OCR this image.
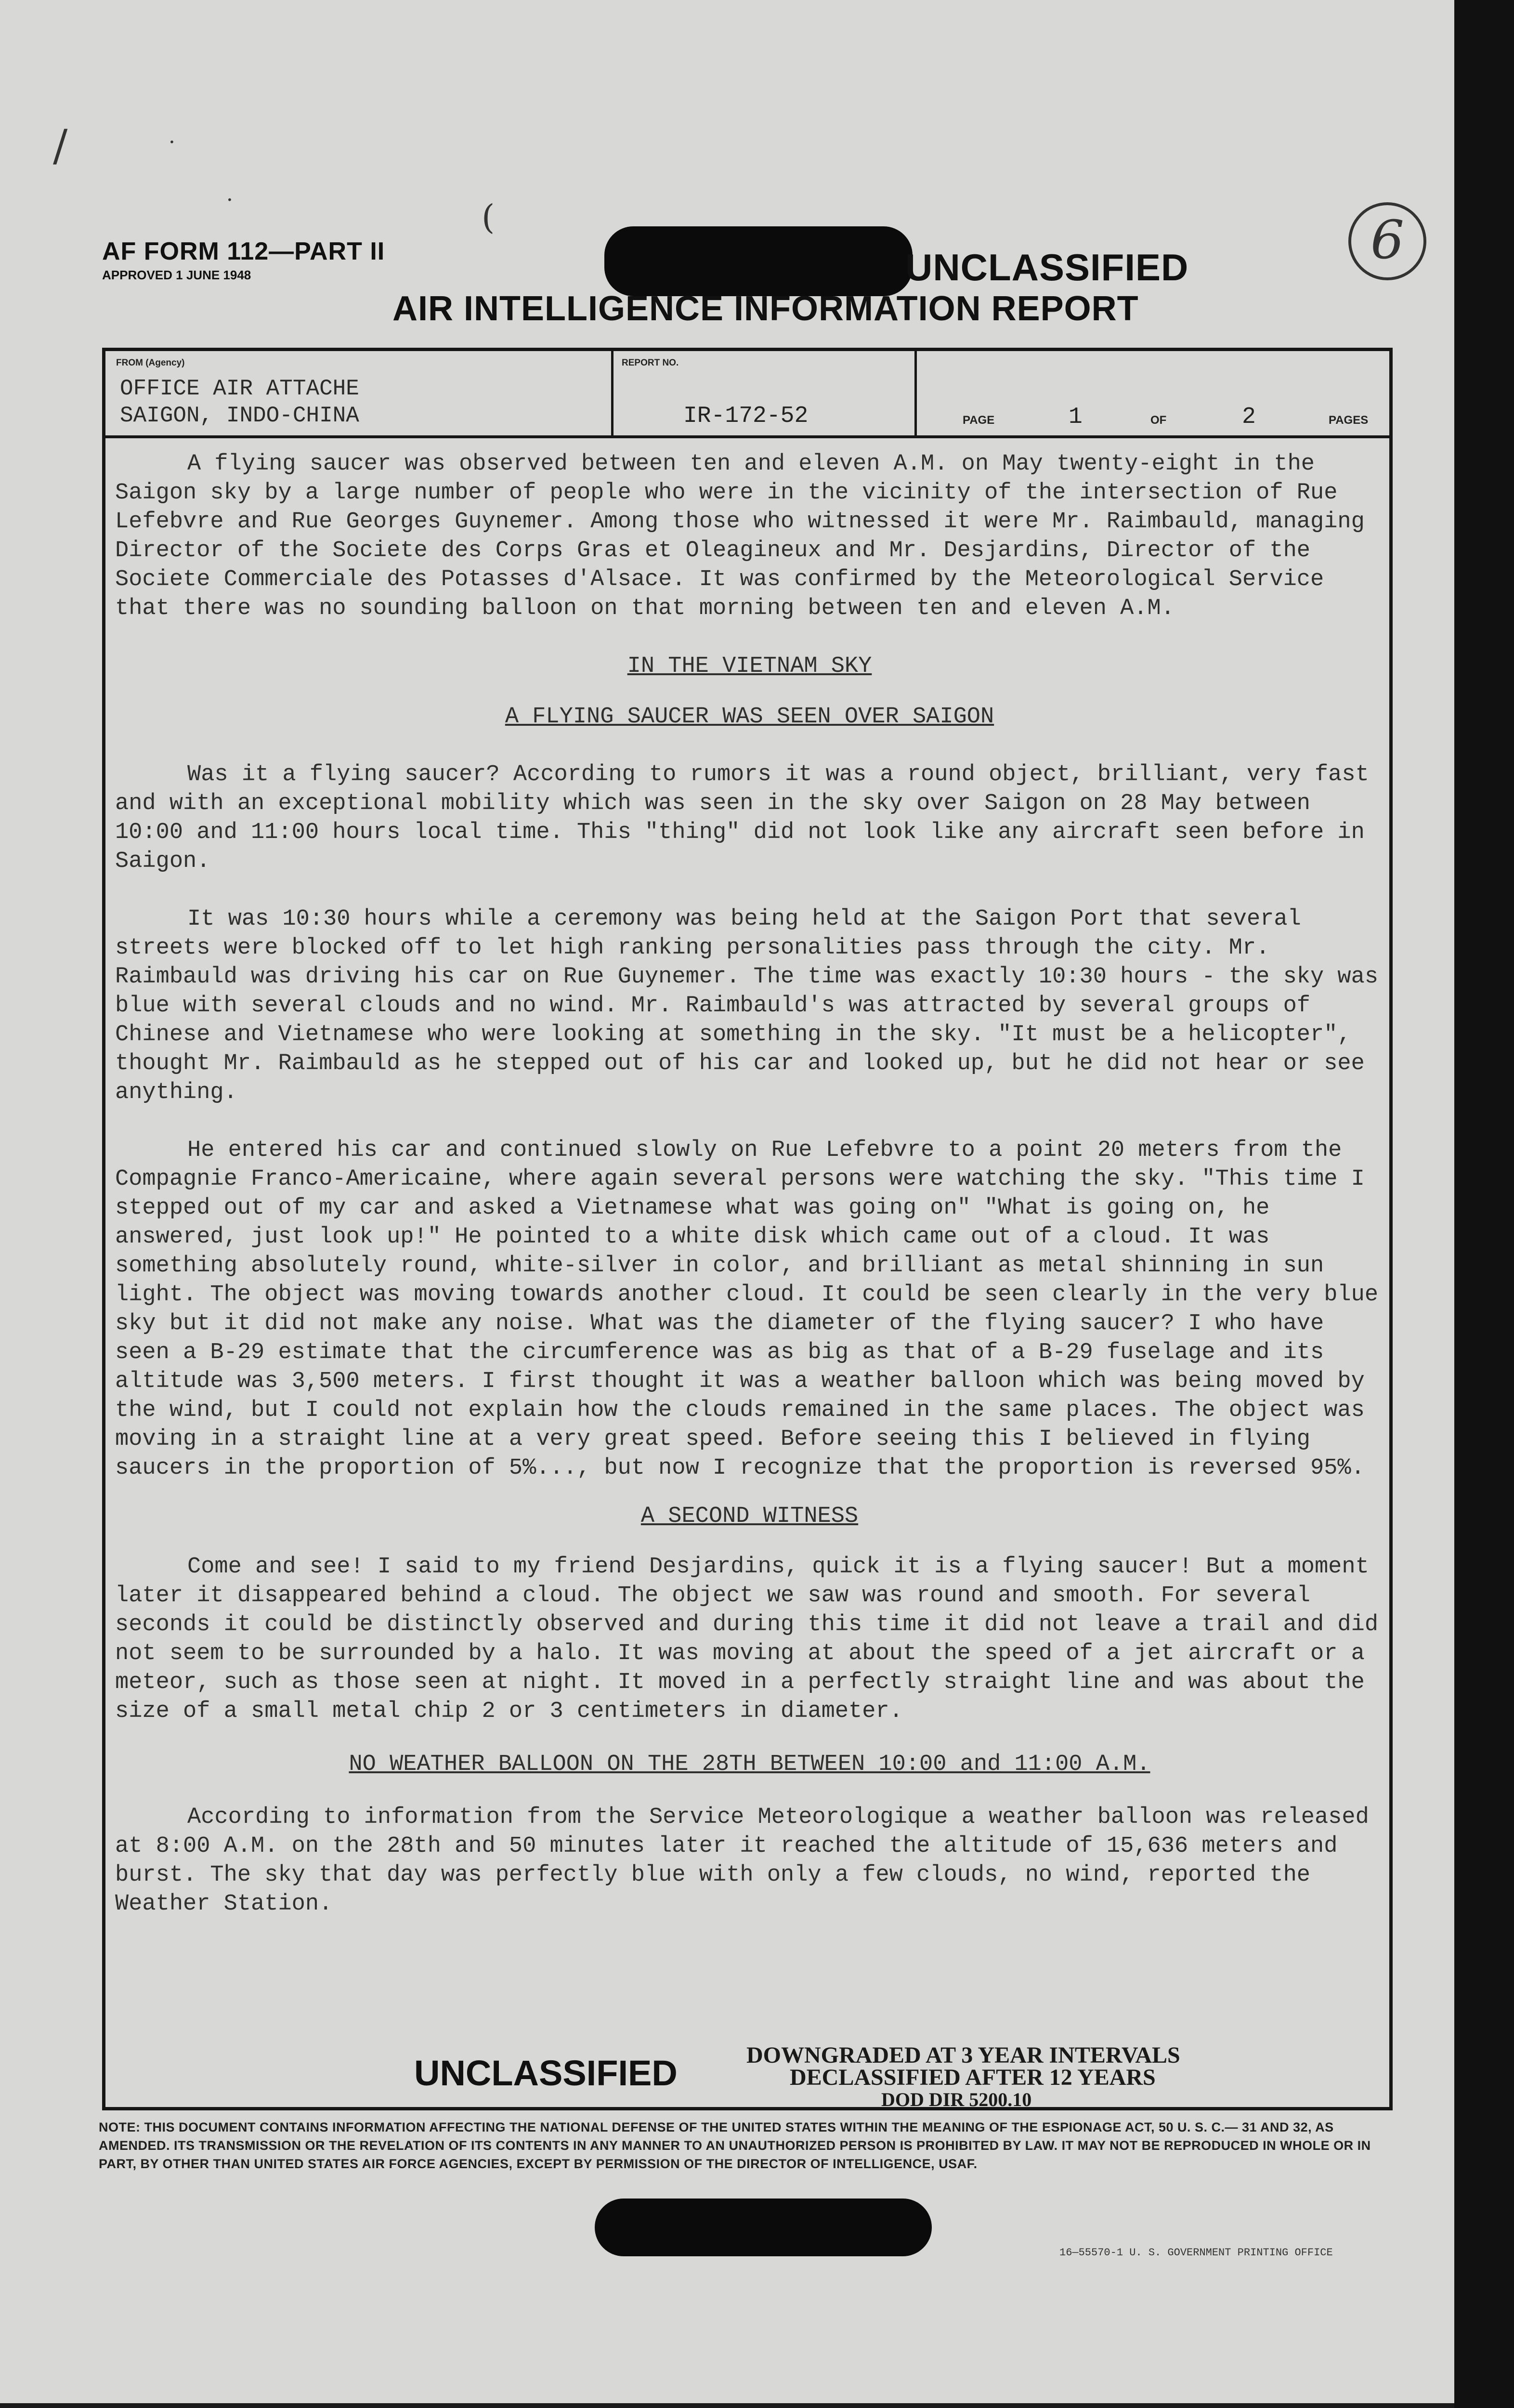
/	·
·	(
AF FORM 112—PART II
APPROVED 1 JUNE 1948	UNCLASSIFIED	6
AIR INTELLIGENCE INFORMATION REPORT
FROM (Agency)
OFFICE AIR ATTACHE
SAIGON, INDO-CHINA
REPORT NO.
IR-172-52	PAGE	1	OF	2	PAGES

A flying saucer was observed between ten and eleven A.M. on May twenty-eight in the Saigon sky by a large number of people who were in the vicinity of the intersection of Rue Lefebvre and Rue Georges Guynemer. Among those who witnessed it were Mr. Raimbauld, managing Director of the Societe des Corps Gras et Oleagineux and Mr. Desjardins, Director of the Societe Commerciale des Potasses d'Alsace. It was confirmed by the Meteorological Service that there was no sounding balloon on that morning between ten and eleven A.M.

IN THE VIETNAM SKY
A FLYING SAUCER WAS SEEN OVER SAIGON

Was it a flying saucer? According to rumors it was a round object, brilliant, very fast and with an exceptional mobility which was seen in the sky over Saigon on 28 May between 10:00 and 11:00 hours local time. This "thing" did not look like any aircraft seen before in Saigon.

It was 10:30 hours while a ceremony was being held at the Saigon Port that several streets were blocked off to let high ranking personalities pass through the city. Mr. Raimbauld was driving his car on Rue Guynemer. The time was exactly 10:30 hours - the sky was blue with several clouds and no wind. Mr. Raimbauld's was attracted by several groups of Chinese and Vietnamese who were looking at something in the sky. "It must be a helicopter", thought Mr. Raimbauld as he stepped out of his car and looked up, but he did not hear or see anything.

He entered his car and continued slowly on Rue Lefebvre to a point 20 meters from the Compagnie Franco-Americaine, where again several persons were watching the sky. "This time I stepped out of my car and asked a Vietnamese what was going on" "What is going on, he answered, just look up!" He pointed to a white disk which came out of a cloud. It was something absolutely round, white-silver in color, and brilliant as metal shinning in sun light. The object was moving towards another cloud. It could be seen clearly in the very blue sky but it did not make any noise. What was the diameter of the flying saucer? I who have seen a B-29 estimate that the circumference was as big as that of a B-29 fuselage and its altitude was 3,500 meters. I first thought it was a weather balloon which was being moved by the wind, but I could not explain how the clouds remained in the same places. The object was moving in a straight line at a very great speed. Before seeing this I believed in flying saucers in the proportion of 5%..., but now I recognize that the proportion is reversed 95%.

A SECOND WITNESS

Come and see! I said to my friend Desjardins, quick it is a flying saucer! But a moment later it disappeared behind a cloud. The object we saw was round and smooth. For several seconds it could be distinctly observed and during this time it did not leave a trail and did not seem to be surrounded by a halo. It was moving at about the speed of a jet aircraft or a meteor, such as those seen at night. It moved in a perfectly straight line and was about the size of a small metal chip 2 or 3 centimeters in diameter.

NO WEATHER BALLOON ON THE 28TH BETWEEN 10:00 and 11:00 A.M.

According to information from the Service Meteorologique a weather balloon was released at 8:00 A.M. on the 28th and 50 minutes later it reached the altitude of 15,636 meters and burst. The sky that day was perfectly blue with only a few clouds, no wind, reported the Weather Station.

UNCLASSIFIED	DOWNGRADED AT 3 YEAR INTERVALS
DECLASSIFIED AFTER 12 YEARS
DOD DIR 5200.10
NOTE: THIS DOCUMENT CONTAINS INFORMATION AFFECTING THE NATIONAL DEFENSE OF THE UNITED STATES WITHIN THE MEANING OF THE ESPIONAGE ACT, 50 U. S. C.— 31 AND 32, AS AMENDED. ITS TRANSMISSION OR THE REVELATION OF ITS CONTENTS IN ANY MANNER TO AN UNAUTHORIZED PERSON IS PROHIBITED BY LAW. IT MAY NOT BE REPRODUCED IN WHOLE OR IN PART, BY OTHER THAN UNITED STATES AIR FORCE AGENCIES, EXCEPT BY PERMISSION OF THE DIRECTOR OF INTELLIGENCE, USAF.
16—55570-1 U. S. GOVERNMENT PRINTING OFFICE
